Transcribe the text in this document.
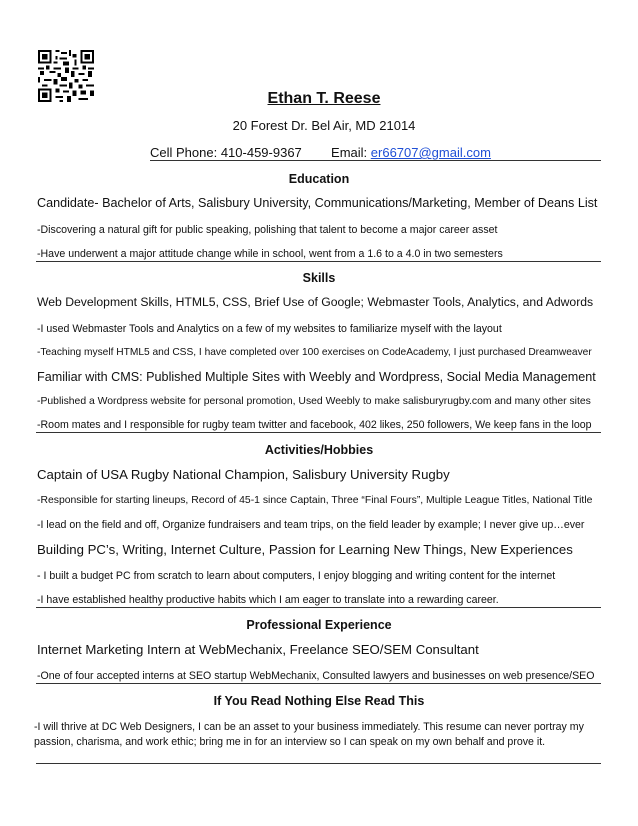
Ethan T. Reese
20 Forest Dr. Bel Air, MD 21014
Cell Phone: 410-459-9367 Email: er66707@gmail.com
Education
Candidate- Bachelor of Arts, Salisbury University, Communications/Marketing, Member of Deans List
-Discovering a natural gift for public speaking, polishing that talent to become a major career asset
-Have underwent a major attitude change while in school, went from a 1.6 to a 4.0 in two semesters
Skills
Web Development Skills, HTML5, CSS, Brief Use of Google; Webmaster Tools, Analytics, and Adwords
-I used Webmaster Tools and Analytics on a few of my websites to familiarize myself with the layout
-Teaching myself HTML5 and CSS, I have completed over 100 exercises on CodeAcademy, I just purchased Dreamweaver
Familiar with CMS: Published Multiple Sites with Weebly and Wordpress, Social Media Management
-Published a Wordpress website for personal promotion, Used Weebly to make salisburyrugby.com and many other sites
-Room mates and I responsible for rugby team twitter and facebook, 402 likes, 250 followers, We keep fans in the loop
Activities/Hobbies
Captain of USA Rugby National Champion, Salisbury University Rugby
-Responsible for starting lineups, Record of 45-1 since Captain, Three “Final Fours”, Multiple League Titles, National Title
-I lead on the field and off, Organize fundraisers and team trips, on the field leader by example; I never give up…ever
Building PC’s, Writing, Internet Culture, Passion for Learning New Things, New Experiences
- I built a budget PC from scratch to learn about computers, I enjoy blogging and writing content for the internet
-I have established healthy productive habits which I am eager to translate into a rewarding career.
Professional Experience
Internet Marketing Intern at WebMechanix, Freelance SEO/SEM Consultant
-One of four accepted interns at SEO startup WebMechanix, Consulted lawyers and businesses on web presence/SEO
If You Read Nothing Else Read This
-I will thrive at DC Web Designers, I can be an asset to your business immediately. This resume can never portray my passion, charisma, and work ethic; bring me in for an interview so I can speak on my own behalf and prove it.
